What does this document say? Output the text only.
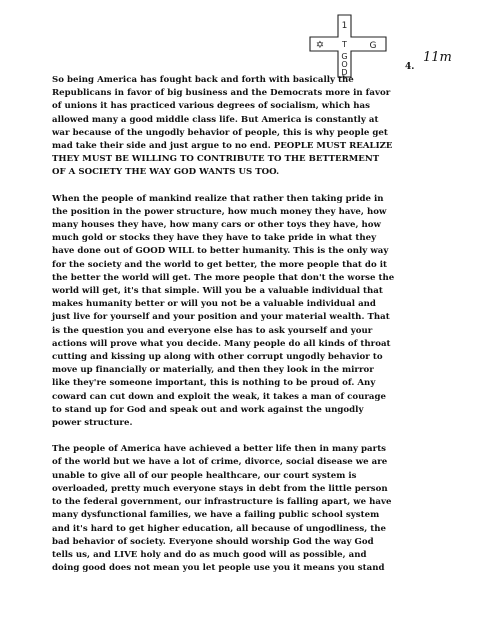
1
✡ T	G
G
O
D
4.
11m
So being America has fought back and forth with basically the
Republicans in favor of big business and the Democrats more in favor
of unions it has practiced various degrees of socialism, which has
allowed many a good middle class life. But America is constantly at
war because of the ungodly behavior of people, this is why people get
mad take their side and just argue to no end. PEOPLE MUST REALIZE
THEY MUST BE WILLING TO CONTRIBUTE TO THE BETTERMENT
OF A SOCIETY THE WAY GOD WANTS US TOO.
When the people of mankind realize that rather then taking pride in
the position in the power structure, how much money they have, how
many houses they have, how many cars or other toys they have, how
much gold or stocks they have they have to take pride in what they
have done out of GOOD WILL to better humanity. This is the only way
for the society and the world to get better, the more people that do it
the better the world will get. The more people that don't the worse the
world will get, it's that simple. Will you be a valuable individual that
makes humanity better or will you not be a valuable individual and
just live for yourself and your position and your material wealth. That
is the question you and everyone else has to ask yourself and your
actions will prove what you decide. Many people do all kinds of throat
cutting and kissing up along with other corrupt ungodly behavior to
move up financially or materially, and then they look in the mirror
like they're someone important, this is nothing to be proud of. Any
coward can cut down and exploit the weak, it takes a man of courage
to stand up for God and speak out and work against the ungodly
power structure.
The people of America have achieved a better life then in many parts
of the world but we have a lot of crime, divorce, social disease we are
unable to give all of our people healthcare, our court system is
overloaded, pretty much everyone stays in debt from the little person
to the federal government, our infrastructure is falling apart, we have
many dysfunctional families, we have a failing public school system
and it's hard to get higher education, all because of ungodliness, the
bad behavior of society. Everyone should worship God the way God
tells us, and LIVE holy and do as much good will as possible, and
doing good does not mean you let people use you it means you stand
